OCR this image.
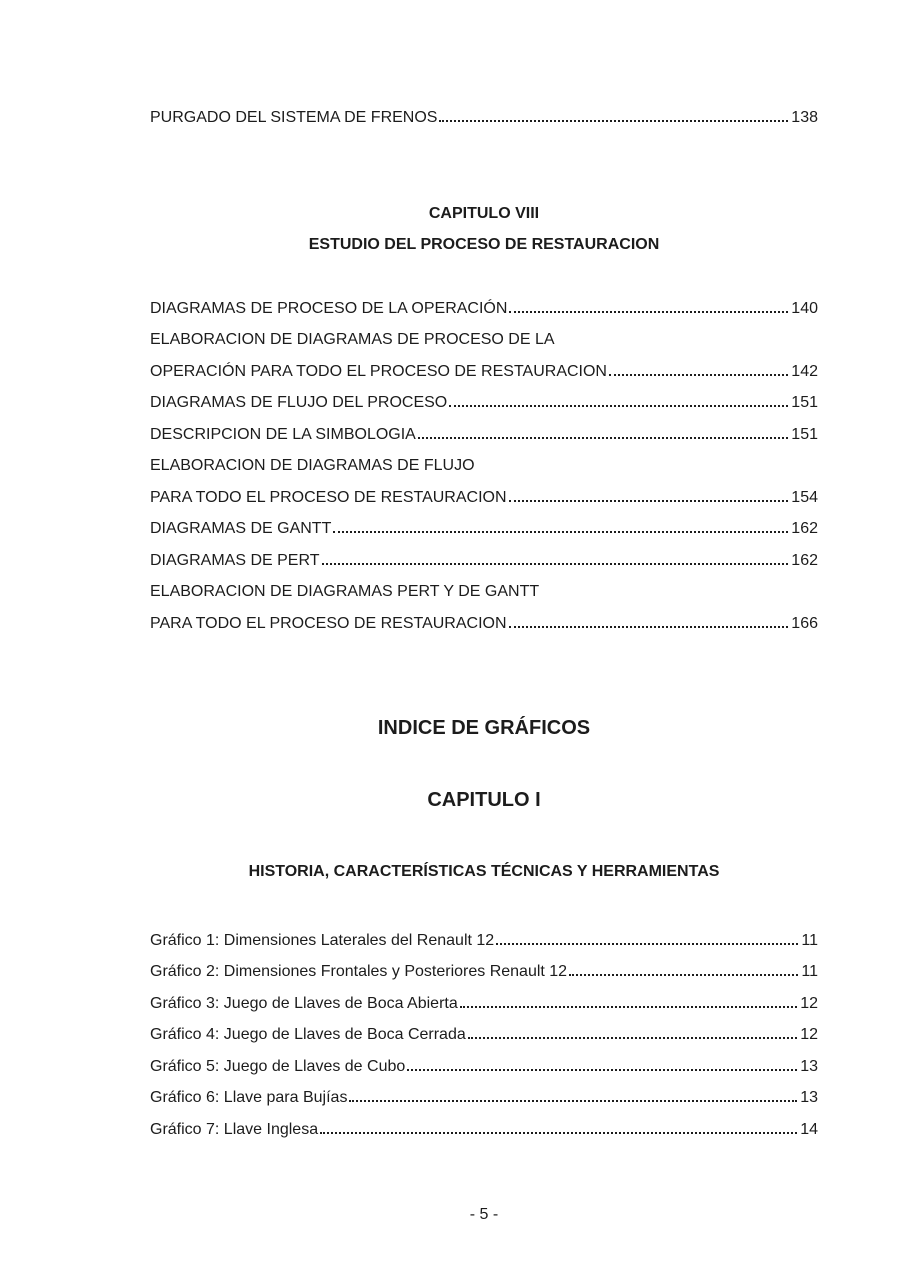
PURGADO DEL SISTEMA DE FRENOS	138
CAPITULO VIII
ESTUDIO DEL PROCESO DE RESTAURACION
DIAGRAMAS DE PROCESO DE LA OPERACIÓN	140
ELABORACION DE DIAGRAMAS DE PROCESO DE LA
OPERACIÓN PARA TODO EL PROCESO DE RESTAURACION	142
DIAGRAMAS DE FLUJO DEL PROCESO	151
DESCRIPCION DE LA SIMBOLOGIA	151
ELABORACION DE DIAGRAMAS DE FLUJO
PARA TODO EL PROCESO DE RESTAURACION	154
DIAGRAMAS DE GANTT	162
DIAGRAMAS DE PERT	162
ELABORACION DE DIAGRAMAS PERT Y DE GANTT
PARA TODO EL PROCESO DE RESTAURACION	166
INDICE DE GRÁFICOS
CAPITULO I
HISTORIA, CARACTERÍSTICAS TÉCNICAS Y HERRAMIENTAS
Gráfico 1: Dimensiones Laterales del Renault 12	11
Gráfico 2: Dimensiones Frontales y Posteriores Renault 12	11
Gráfico 3: Juego de Llaves de Boca Abierta	12
Gráfico 4: Juego de Llaves de Boca Cerrada	12
Gráfico 5: Juego de Llaves de Cubo	13
Gráfico 6: Llave para Bujías	13
Gráfico 7: Llave Inglesa	14
- 5 -
